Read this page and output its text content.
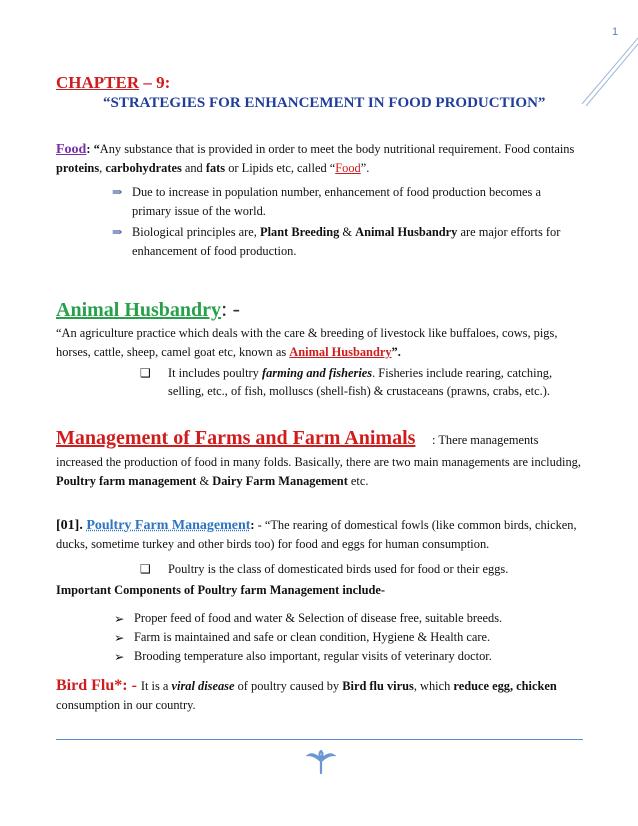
1
CHAPTER – 9:
“STRATEGIES FOR ENHANCEMENT IN FOOD PRODUCTION”
Food: “Any substance that is provided in order to meet the body nutritional requirement. Food contains proteins, carbohydrates and fats or Lipids etc, called “Food”.
⇒ Due to increase in population number, enhancement of food production becomes a primary issue of the world.
⇒ Biological principles are, Plant Breeding & Animal Husbandry are major efforts for enhancement of food production.
Animal Husbandry: -
“An agriculture practice which deals with the care & breeding of livestock like buffaloes, cows, pigs, horses, cattle, sheep, camel goat etc, known as Animal Husbandry”.
❑ It includes poultry farming and fisheries. Fisheries include rearing, catching, selling, etc., of fish, molluscs (shell-fish) & crustaceans (prawns, crabs, etc.).
Management of Farms and Farm Animals : There managements
increased the production of food in many folds. Basically, there are two main managements are including, Poultry farm management & Dairy Farm Management etc.
[01]. Poultry Farm Management: - “The rearing of domestical fowls (like common birds, chicken, ducks, sometime turkey and other birds too) for food and eggs for human consumption.
❑ Poultry is the class of domesticated birds used for food or their eggs.
Important Components of Poultry farm Management include-
➢ Proper feed of food and water & Selection of disease free, suitable breeds.
➢ Farm is maintained and safe or clean condition, Hygiene & Health care.
➢ Brooding temperature also important, regular visits of veterinary doctor.
Bird Flu*: - It is a viral disease of poultry caused by Bird flu virus, which reduce egg, chicken consumption in our country.
